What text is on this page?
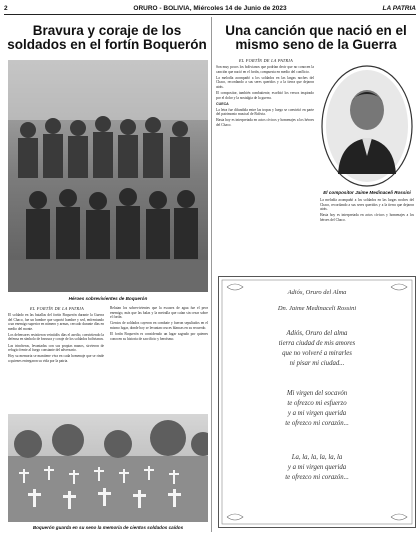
2	ORURO - BOLIVIA, Miércoles 14 de Junio de 2023	LA PATRIA
Bravura y coraje de los soldados en el fortín Boquerón
Héroes sobrevivientes de Boquerón
EL FORTÍN DE LA PATRIA

El soldado en las batallas del fortín Boquerón durante la Guerra del Chaco, fue un hombre que soportó hambre y sed, enfrentando a un enemigo superior en número y armas, cercado durante días en medio del monte.

Los defensores resistieron veintidós días el asedio, convirtiendo la defensa en símbolo de bravura y coraje de los soldados bolivianos.

Las trincheras, levantadas con sus propias manos, sirvieron de refugio frente al fuego constante del adversario.

Hoy su memoria se mantiene viva en cada homenaje que se rinde a quienes entregaron su vida por la patria.

Relatan los sobrevivientes que la escasez de agua fue el peor enemigo, más que las balas y la metralla que caían sin cesar sobre el fortín.

Cientos de soldados cayeron en combate y fueron sepultados en el mismo lugar, donde hoy se levantan cruces blancas en su recuerdo.

El fortín Boquerón es considerado un lugar sagrado por quienes conocen su historia de sacrificio y heroísmo.

Boquerón guarda en su seno la memoria de cientos soldados caídos
Una canción que nació en el mismo seno de la Guerra
EL FORTÍN DE LA PATRIA

Son muy pocos los bolivianos que podrían decir que no conocen la canción que nació en el fortín, compuesta en medio del conflicto.

La melodía acompañó a los soldados en las largas noches del Chaco, recordando a sus seres queridos y a la tierra que dejaron atrás.

El compositor, también combatiente, escribió los versos inspirado por el dolor y la nostalgia de la guerra.

CUECA

La letra fue difundida entre las tropas y luego se convirtió en parte del patrimonio musical de Bolivia.

Hasta hoy es interpretada en actos cívicos y homenajes a los héroes del Chaco.

El compositor Jaime Medinaceli Rossini

La melodía acompañó a los soldados en las largas noches del Chaco, recordando a sus seres queridos y a la tierra que dejaron atrás.

Hasta hoy es interpretada en actos cívicos y homenajes a los héroes del Chaco.

Adiós, Oruro del Alma
Dn. Jaime Medinaceli Rossini
Adiós, Oruro del alma
tierra ciudad de mis amores
que no volveré a mirarles
ni pisar mi ciudad...
Mi virgen del socavón
te ofrezco mi esfuerzo
y a mi virgen querida
te ofrezco mi corazón...
La, la, la, la, la, la
y a mi virgen querida
te ofrezco mi corazón...
